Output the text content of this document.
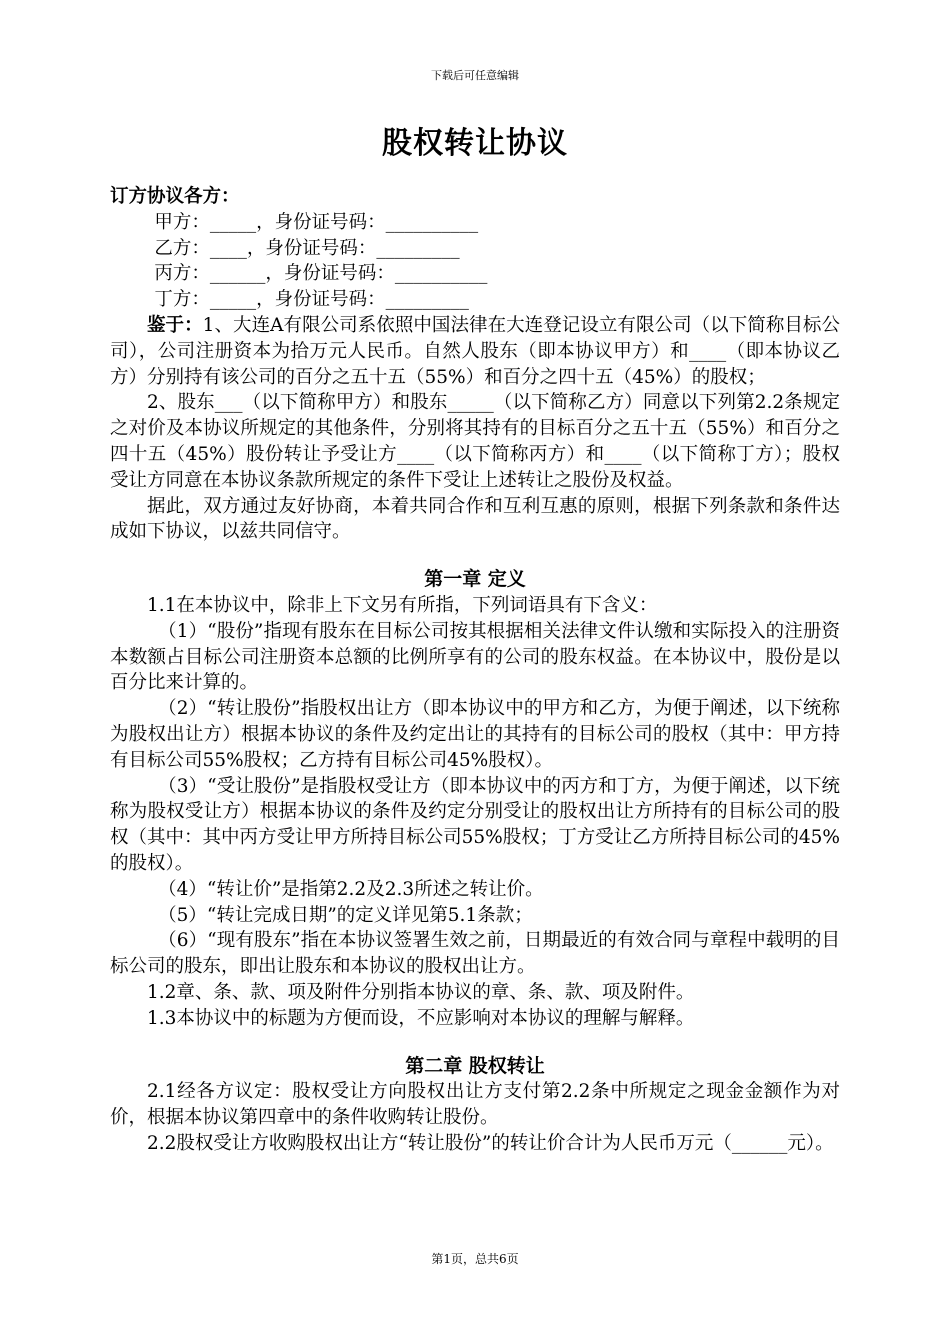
下载后可任意编辑
股权转让协议

订方协议各方：

甲方：_____，身份证号码：__________

乙方：____，身份证号码：_________

丙方：______，身份证号码：__________

丁方：_____，身份证号码：_________

鉴于：1、大连A有限公司系依照中国法律在大连登记设立有限公司（以下简称目标公司），公司注册资本为拾万元人民币。自然人股东（即本协议甲方）和____（即本协议乙方）分别持有该公司的百分之五十五（55%）和百分之四十五（45%）的股权；

2、股东___（以下简称甲方）和股东_____（以下简称乙方）同意以下列第2.2条规定之对价及本协议所规定的其他条件，分别将其持有的目标百分之五十五（55%）和百分之四十五（45%）股份转让予受让方____（以下简称丙方）和____（以下简称丁方）；股权受让方同意在本协议条款所规定的条件下受让上述转让之股份及权益。

据此，双方通过友好协商，本着共同合作和互利互惠的原则，根据下列条款和条件达成如下协议，以兹共同信守。

第一章 定义

1.1在本协议中，除非上下文另有所指，下列词语具有下含义：

（1）“股份”指现有股东在目标公司按其根据相关法律文件认缴和实际投入的注册资本数额占目标公司注册资本总额的比例所享有的公司的股东权益。在本协议中，股份是以百分比来计算的。

（2）“转让股份”指股权出让方（即本协议中的甲方和乙方，为便于阐述，以下统称为股权出让方）根据本协议的条件及约定出让的其持有的目标公司的股权（其中：甲方持有目标公司55%股权；乙方持有目标公司45%股权）。

（3）“受让股份”是指股权受让方（即本协议中的丙方和丁方，为便于阐述，以下统称为股权受让方）根据本协议的条件及约定分别受让的股权出让方所持有的目标公司的股权（其中：其中丙方受让甲方所持目标公司55%股权；丁方受让乙方所持目标公司的45%的股权）。

（4）“转让价”是指第2.2及2.3所述之转让价。

（5）“转让完成日期”的定义详见第5.1条款；

（6）“现有股东”指在本协议签署生效之前，日期最近的有效合同与章程中载明的目标公司的股东，即出让股东和本协议的股权出让方。

1.2章、条、款、项及附件分别指本协议的章、条、款、项及附件。

1.3本协议中的标题为方便而设，不应影响对本协议的理解与解释。

第二章 股权转让

2.1经各方议定：股权受让方向股权出让方支付第2.2条中所规定之现金金额作为对价，根据本协议第四章中的条件收购转让股份。

2.2股权受让方收购股权出让方“转让股份”的转让价合计为人民币万元（______元）。

第1页，总共6页
